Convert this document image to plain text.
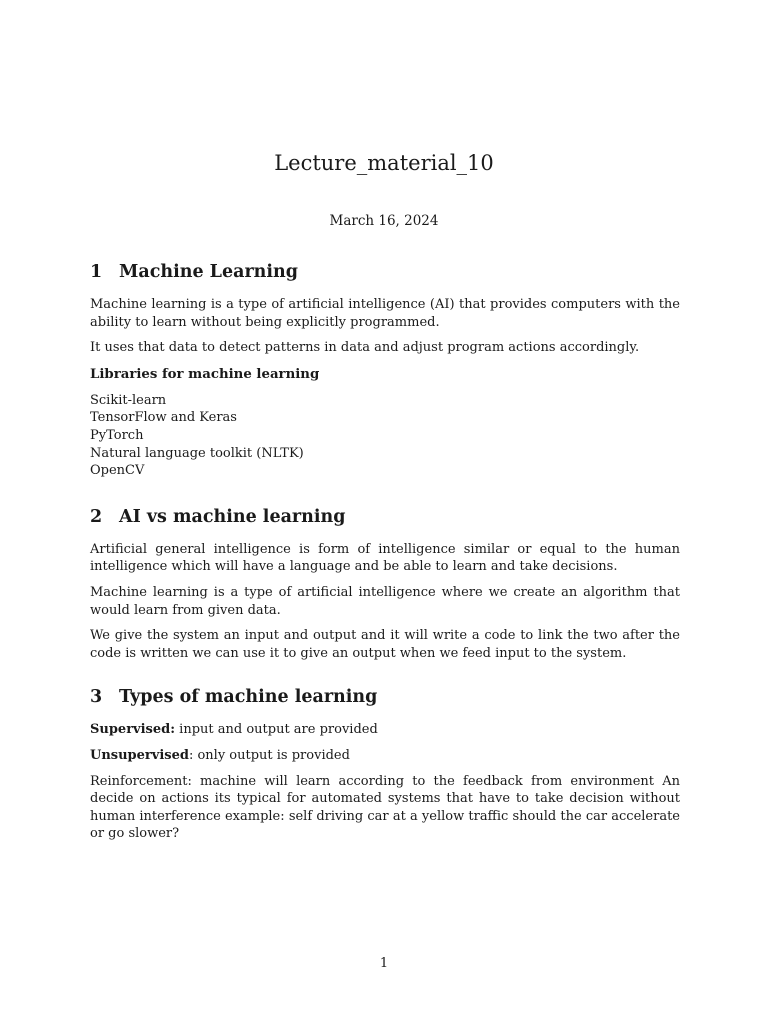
Lecture_material_10
March 16, 2024
1 Machine Learning

Machine learning is a type of artificial intelligence (AI) that provides computers with the ability to learn without being explicitly programmed.

It uses that data to detect patterns in data and adjust program actions accordingly.

Libraries for machine learning
Scikit-learn
TensorFlow and Keras
PyTorch
Natural language toolkit (NLTK)
OpenCV
2 AI vs machine learning

Artificial general intelligence is form of intelligence similar or equal to the human intelligence which will have a language and be able to learn and take decisions.

Machine learning is a type of artificial intelligence where we create an algorithm that would learn from given data.

We give the system an input and output and it will write a code to link the two after the code is written we can use it to give an output when we feed input to the system.

3 Types of machine learning

Supervised: input and output are provided

Unsupervised: only output is provided

Reinforcement: machine will learn according to the feedback from environment An decide on actions its typical for automated systems that have to take decision without human interference example: self driving car at a yellow traffic should the car accelerate or go slower?

1
